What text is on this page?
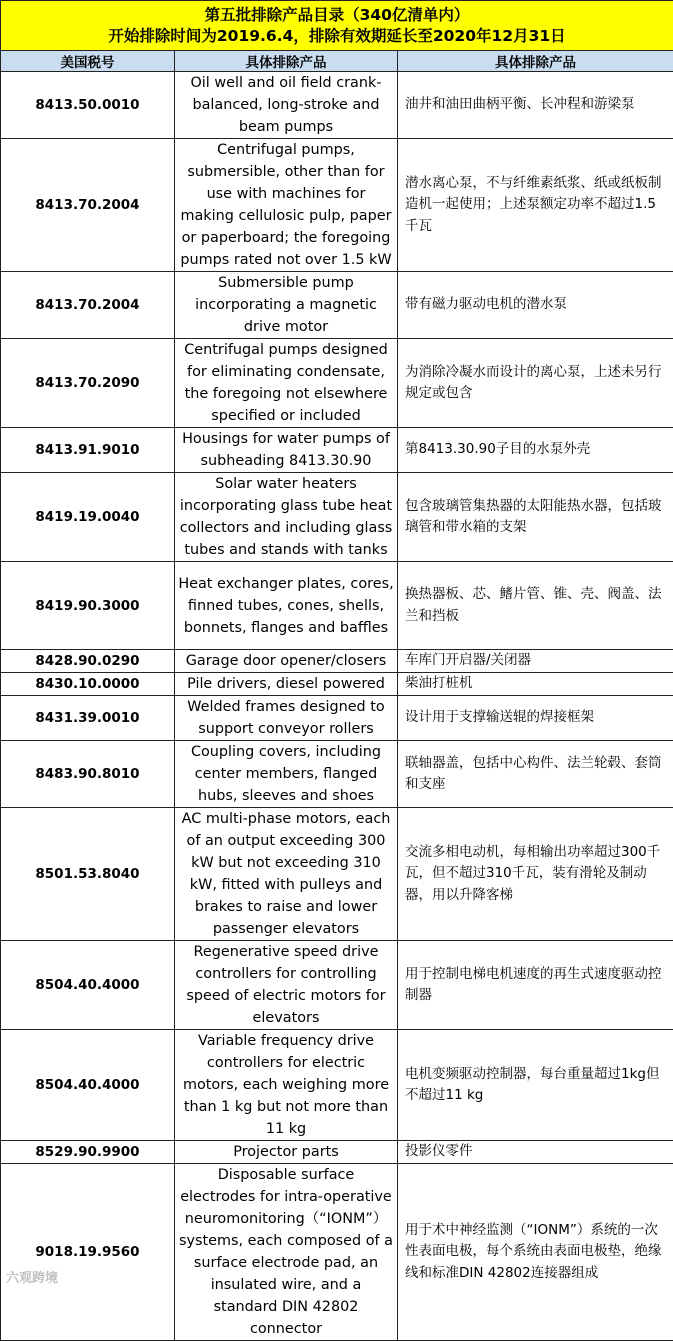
第五批排除产品目录（340亿清单内）
开始排除时间为2019.6.4，排除有效期延长至2020年12月31日		

美国税号	具体排除产品	具体排除产品
8413.50.0010	Oil well and oil field crank-balanced, long-stroke and beam pumps	油井和油田曲柄平衡、长冲程和游梁泵
8413.70.2004	Centrifugal pumps, submersible, other than for use with machines for making cellulosic pulp, paper or paperboard; the foregoing pumps rated not over 1.5 kW	潜水离心泵，不与纤维素纸浆、纸或纸板制造机一起使用；上述泵额定功率不超过1.5千瓦
8413.70.2004	Submersible pump incorporating a magnetic drive motor	带有磁力驱动电机的潜水泵
8413.70.2090	Centrifugal pumps designed for eliminating condensate, the foregoing not elsewhere specified or included	为消除冷凝水而设计的离心泵，上述未另行规定或包含
8413.91.9010	Housings for water pumps of subheading 8413.30.90	第8413.30.90子目的水泵外壳
8419.19.0040	Solar water heaters incorporating glass tube heat collectors and including glass tubes and stands with tanks	包含玻璃管集热器的太阳能热水器，包括玻璃管和带水箱的支架
8419.90.3000	Heat exchanger plates, cores, finned tubes, cones, shells, bonnets, flanges and baffles	换热器板、芯、鳍片管、锥、壳、阀盖、法兰和挡板
8428.90.0290	Garage door opener/closers	车库门开启器/关闭器
8430.10.0000	Pile drivers, diesel powered	柴油打桩机
8431.39.0010	Welded frames designed to support conveyor rollers	设计用于支撑输送辊的焊接框架
8483.90.8010	Coupling covers, including center members, flanged hubs, sleeves and shoes	联轴器盖，包括中心构件、法兰轮毂、套筒和支座
8501.53.8040	AC multi-phase motors, each of an output exceeding 300 kW but not exceeding 310 kW, fitted with pulleys and brakes to raise and lower passenger elevators	交流多相电动机，每相输出功率超过300千瓦，但不超过310千瓦，装有滑轮及制动器，用以升降客梯
8504.40.4000	Regenerative speed drive controllers for controlling speed of electric motors for elevators	用于控制电梯电机速度的再生式速度驱动控制器
8504.40.4000	Variable frequency drive controllers for electric motors, each weighing more than 1 kg but not more than 11 kg	电机变频驱动控制器，每台重量超过1kg但不超过11 kg
8529.90.9900	Projector parts	投影仪零件
9018.19.9560	Disposable surface electrodes for intra-operative neuromonitoring（“IONM”）systems, each composed of a surface electrode pad, an insulated wire, and a standard DIN 42802 connector	用于术中神经监测（“IONM”）系统的一次性表面电极，每个系统由表面电极垫，绝缘线和标准DIN 42802连接器组成
六观跨境
